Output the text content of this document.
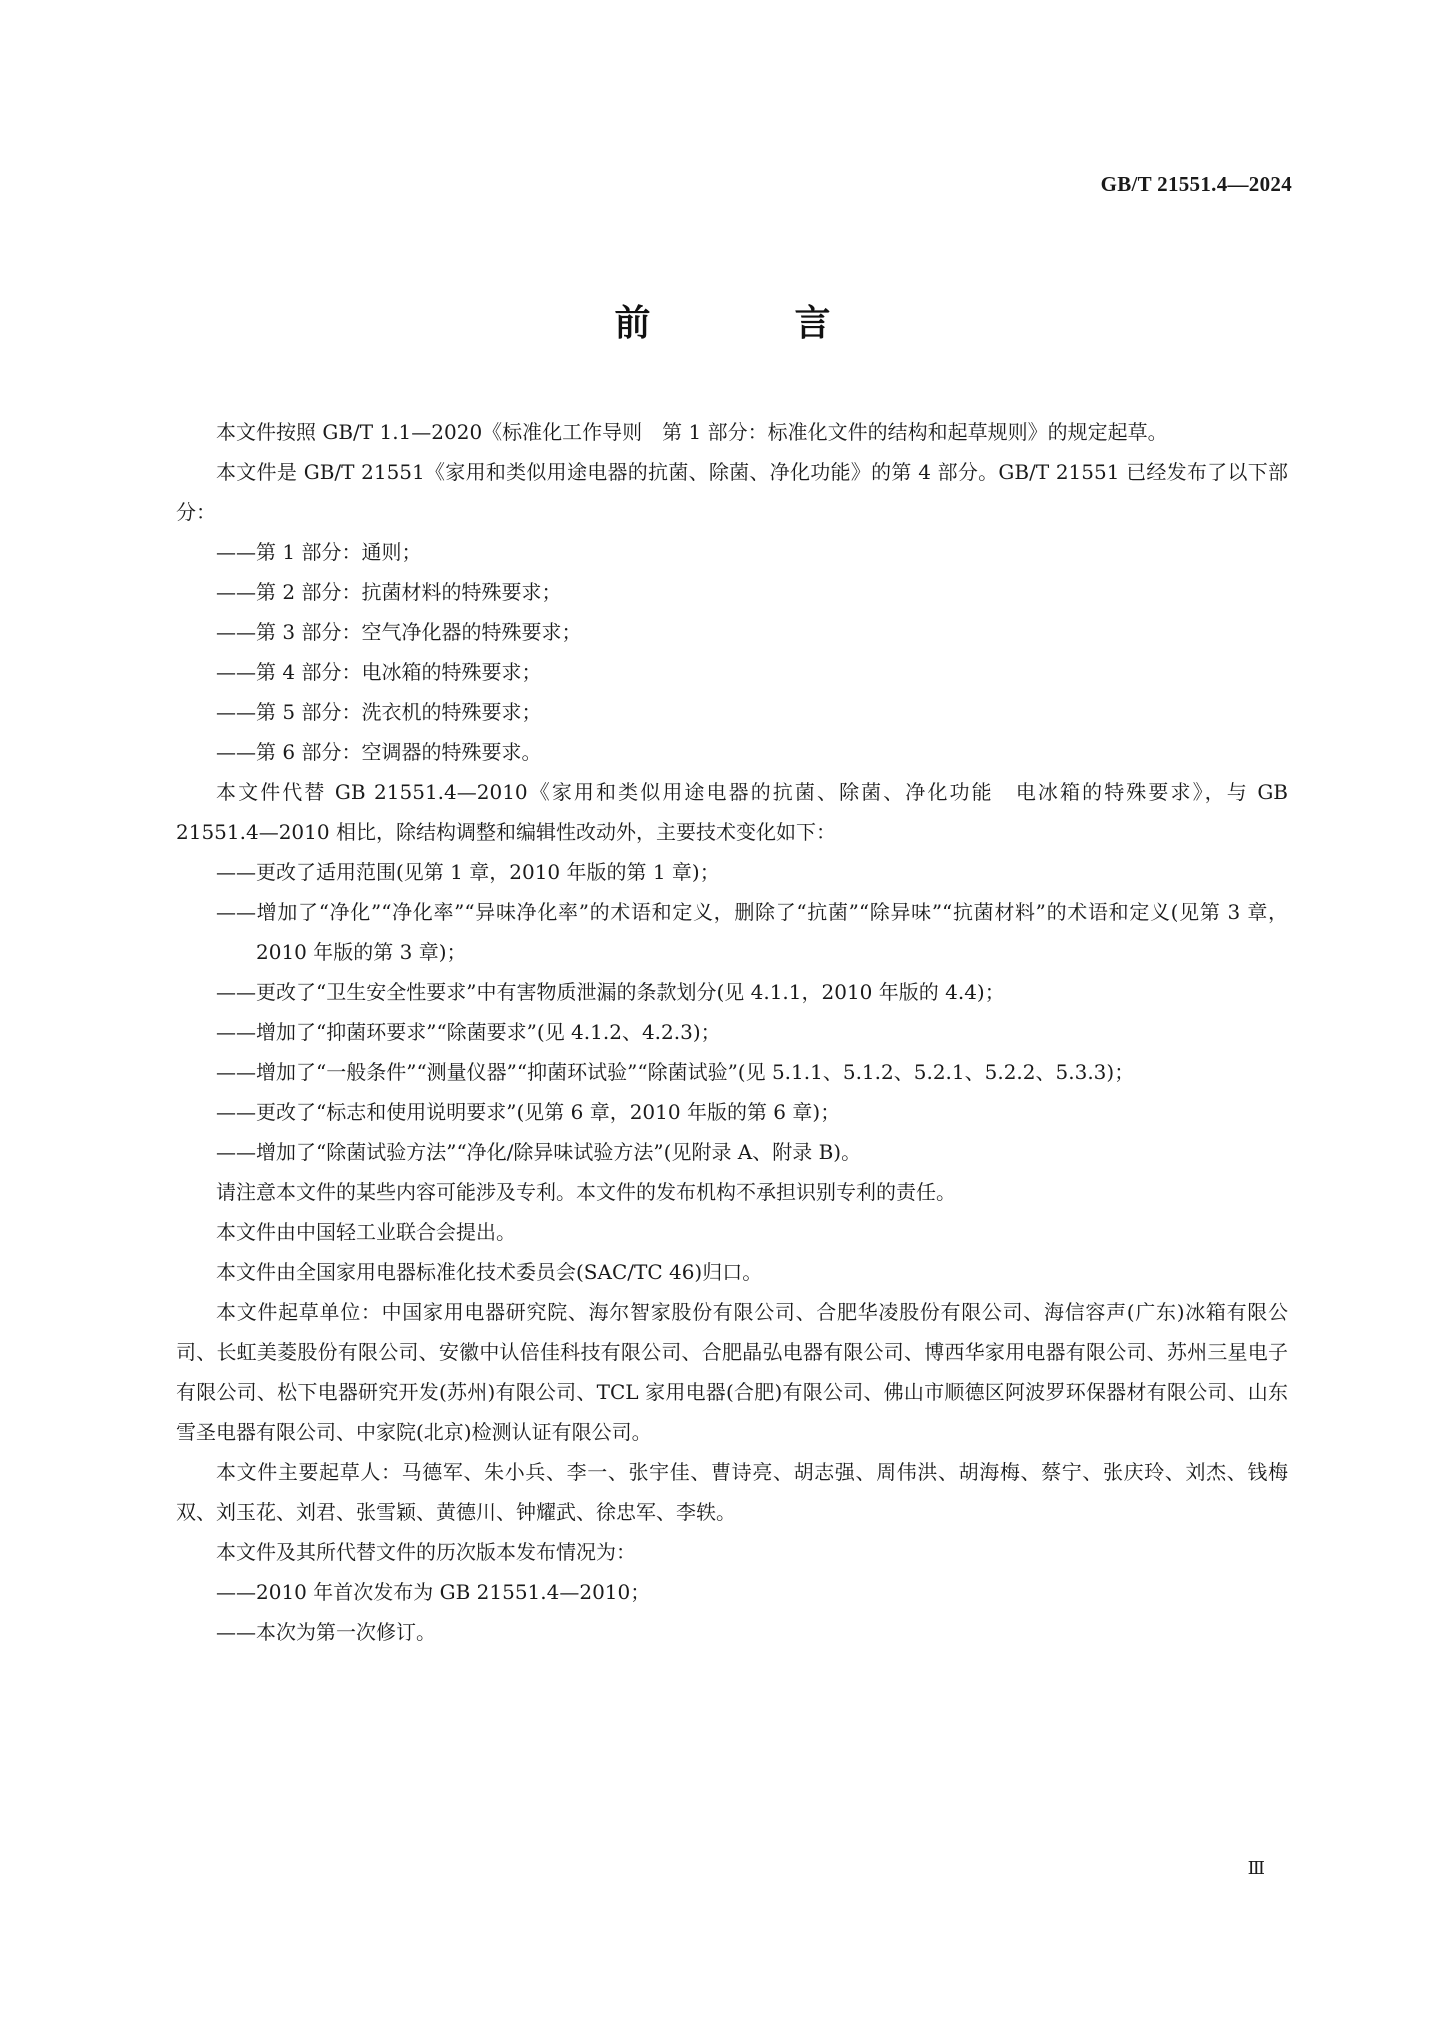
GB/T 21551.4—2024
前　言

本文件按照 GB/T 1.1—2020《标准化工作导则　第 1 部分：标准化文件的结构和起草规则》的规定起草。

本文件是 GB/T 21551《家用和类似用途电器的抗菌、除菌、净化功能》的第 4 部分。GB/T 21551 已经发布了以下部分：

——第 1 部分：通则；
——第 2 部分：抗菌材料的特殊要求；
——第 3 部分：空气净化器的特殊要求；
——第 4 部分：电冰箱的特殊要求；
——第 5 部分：洗衣机的特殊要求；
——第 6 部分：空调器的特殊要求。

本文件代替 GB 21551.4—2010《家用和类似用途电器的抗菌、除菌、净化功能　电冰箱的特殊要求》，与 GB 21551.4—2010 相比，除结构调整和编辑性改动外，主要技术变化如下：

——更改了适用范围(见第 1 章，2010 年版的第 1 章)；
——增加了“净化”“净化率”“异味净化率”的术语和定义，删除了“抗菌”“除异味”“抗菌材料”的术语和定义(见第 3 章，2010 年版的第 3 章)；
——更改了“卫生安全性要求”中有害物质泄漏的条款划分(见 4.1.1，2010 年版的 4.4)；
——增加了“抑菌环要求”“除菌要求”(见 4.1.2、4.2.3)；
——增加了“一般条件”“测量仪器”“抑菌环试验”“除菌试验”(见 5.1.1、5.1.2、5.2.1、5.2.2、5.3.3)；
——更改了“标志和使用说明要求”(见第 6 章，2010 年版的第 6 章)；
——增加了“除菌试验方法”“净化/除异味试验方法”(见附录 A、附录 B)。

请注意本文件的某些内容可能涉及专利。本文件的发布机构不承担识别专利的责任。

本文件由中国轻工业联合会提出。

本文件由全国家用电器标准化技术委员会(SAC/TC 46)归口。

本文件起草单位：中国家用电器研究院、海尔智家股份有限公司、合肥华凌股份有限公司、海信容声(广东)冰箱有限公司、长虹美菱股份有限公司、安徽中认倍佳科技有限公司、合肥晶弘电器有限公司、博西华家用电器有限公司、苏州三星电子有限公司、松下电器研究开发(苏州)有限公司、TCL 家用电器(合肥)有限公司、佛山市顺德区阿波罗环保器材有限公司、山东雪圣电器有限公司、中家院(北京)检测认证有限公司。

本文件主要起草人：马德军、朱小兵、李一、张宇佳、曹诗亮、胡志强、周伟洪、胡海梅、蔡宁、张庆玲、刘杰、钱梅双、刘玉花、刘君、张雪颖、黄德川、钟耀武、徐忠军、李轶。

本文件及其所代替文件的历次版本发布情况为：

——2010 年首次发布为 GB 21551.4—2010；
——本次为第一次修订。
Ⅲ
